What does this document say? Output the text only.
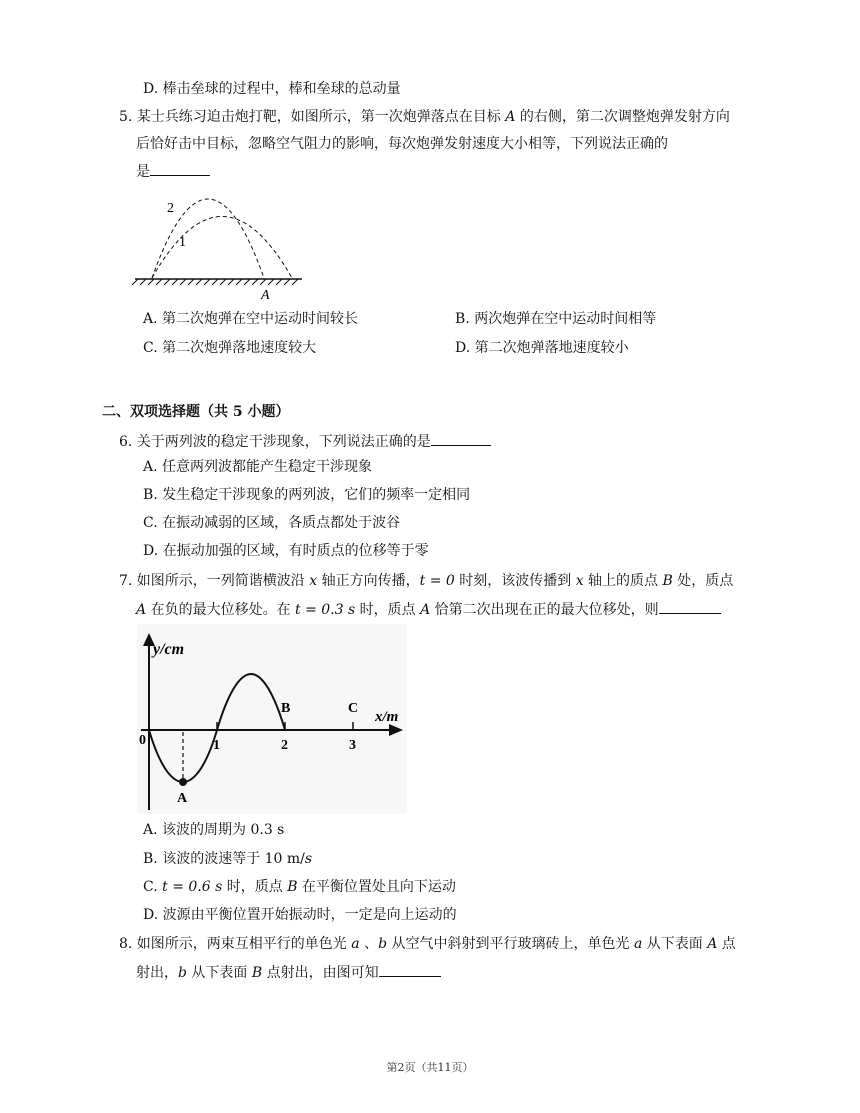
D. 棒击垒球的过程中，棒和垒球的总动量
5. 某士兵练习迫击炮打靶，如图所示，第一次炮弹落点在目标 A 的右侧，第二次调整炮弹发射方向
后恰好击中目标，忽略空气阻力的影响，每次炮弹发射速度大小相等，下列说法正确的
是
2
1
A
A. 第二次炮弹在空中运动时间较长	B. 两次炮弹在空中运动时间相等
C. 第二次炮弹落地速度较大	D. 第二次炮弹落地速度较小
二、双项选择题（共 5 小题）
6. 关于两列波的稳定干涉现象，下列说法正确的是
A. 任意两列波都能产生稳定干涉现象
B. 发生稳定干涉现象的两列波，它们的频率一定相同
C. 在振动减弱的区域，各质点都处于波谷
D. 在振动加强的区域，有时质点的位移等于零
7. 如图所示，一列简谐横波沿 x 轴正方向传播，t = 0 时刻，该波传播到 x 轴上的质点 B 处，质点
A 在负的最大位移处。在 t = 0.3 s 时，质点 A 恰第二次出现在正的最大位移处，则
y/cm
x/m
0	1	2	3
A
B	C
A. 该波的周期为 0.3 s
B. 该波的波速等于 10 m/s
C. t = 0.6 s 时，质点 B 在平衡位置处且向下运动
D. 波源由平衡位置开始振动时，一定是向上运动的
8. 如图所示，两束互相平行的单色光 a 、b 从空气中斜射到平行玻璃砖上，单色光 a 从下表面 A 点
射出，b 从下表面 B 点射出，由图可知
第2页（共11页）
